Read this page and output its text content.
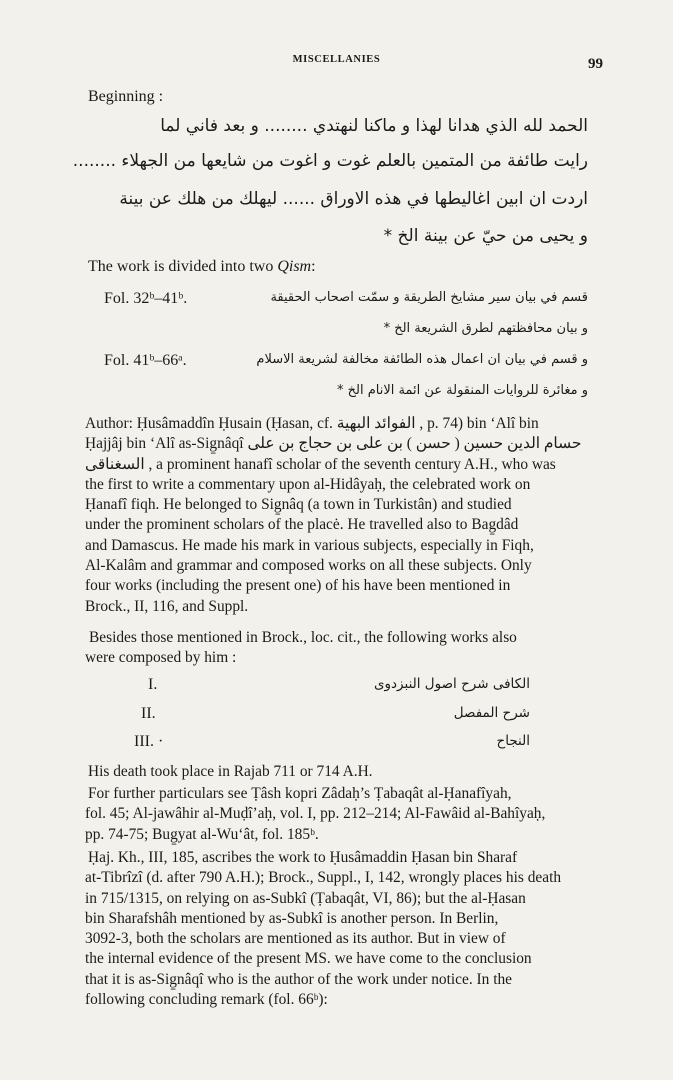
MISCELLANIES	99
Beginning :
الحمد لله الذي هدانا لهذا و ماكنا لنهتدي ........ و بعد فاني لما
رايت طائفة من المتمين بالعلم غوت و اغوت من شايعها من الجهلاء ........
اردت ان ابين اغاليطها في هذه الاوراق ...... ليهلك من هلك عن بينة
و يحيى من حيّ عن بينة الخ *
The work is divided into two Qism:
Fol. 32ᵇ–41ᵇ.	قسم في بيان سير مشايخ الطريقة و سمّت اصحاب الحقيقة
و بيان محافظتهم لطرق الشريعة الخ *
Fol. 41ᵇ–66ᵃ.	و قسم في بيان ان اعمال هذه الطائفة مخالفة لشريعة الاسلام
و مغائرة للروايات المنقولة عن ائمة الانام الخ *
Author: Ḥusâmaddîn Ḥusain (Ḥasan, cf. الفوائد البهية , p. 74) bin ‘Alî bin
Ḥajjâj bin ‘Alî as-Sig̱nâqî حسام الدين حسين ( حسن ) بن على بن حجاج بن على
السغناقى , a prominent hanafî scholar of the seventh century A.H., who was
the first to write a commentary upon al-Hidâyaḥ, the celebrated work on
Ḥanafî fiqh. He belonged to Sig̱nâq (a town in Turkistân) and studied
under the prominent scholars of the placė. He travelled also to Bag̱dâd
and Damascus. He made his mark in various subjects, especially in Fiqh,
Al-Kalâm and grammar and composed works on all these subjects. Only
four works (including the present one) of his have been mentioned in
Brock., II, 116, and Suppl.
Besides those mentioned in Brock., loc. cit., the following works also
were composed by him :
I.	الكافى شرح اصول النبزدوى
II.	شرح المفصل
III. ·	النجاح
His death took place in Rajab 711 or 714 A.H.
For further particulars see Ṭâsh kopri Zâdaḥ’s Ṭabaqât al-Ḥanafîyah,
fol. 45; Al-jawâhir al-Muḍî’aḥ, vol. I, pp. 212–214; Al-Fawâid al-Bahîyaḥ,
pp. 74-75; Bug̱yat al-Wu‘ât, fol. 185ᵇ.
Ḥaj. Kh., III, 185, ascribes the work to Ḥusâmaddin Ḥasan bin Sharaf
at-Tibrîzî (d. after 790 A.H.); Brock., Suppl., I, 142, wrongly places his death
in 715/1315, on relying on as-Subkî (Ṭabaqât, VI, 86); but the al-Ḥasan
bin Sharafshâh mentioned by as-Subkî is another person. In Berlin,
3092-3, both the scholars are mentioned as its author. But in view of
the internal evidence of the present MS. we have come to the conclusion
that it is as-Sig̱nâqî who is the author of the work under notice. In the
following concluding remark (fol. 66ᵇ):
